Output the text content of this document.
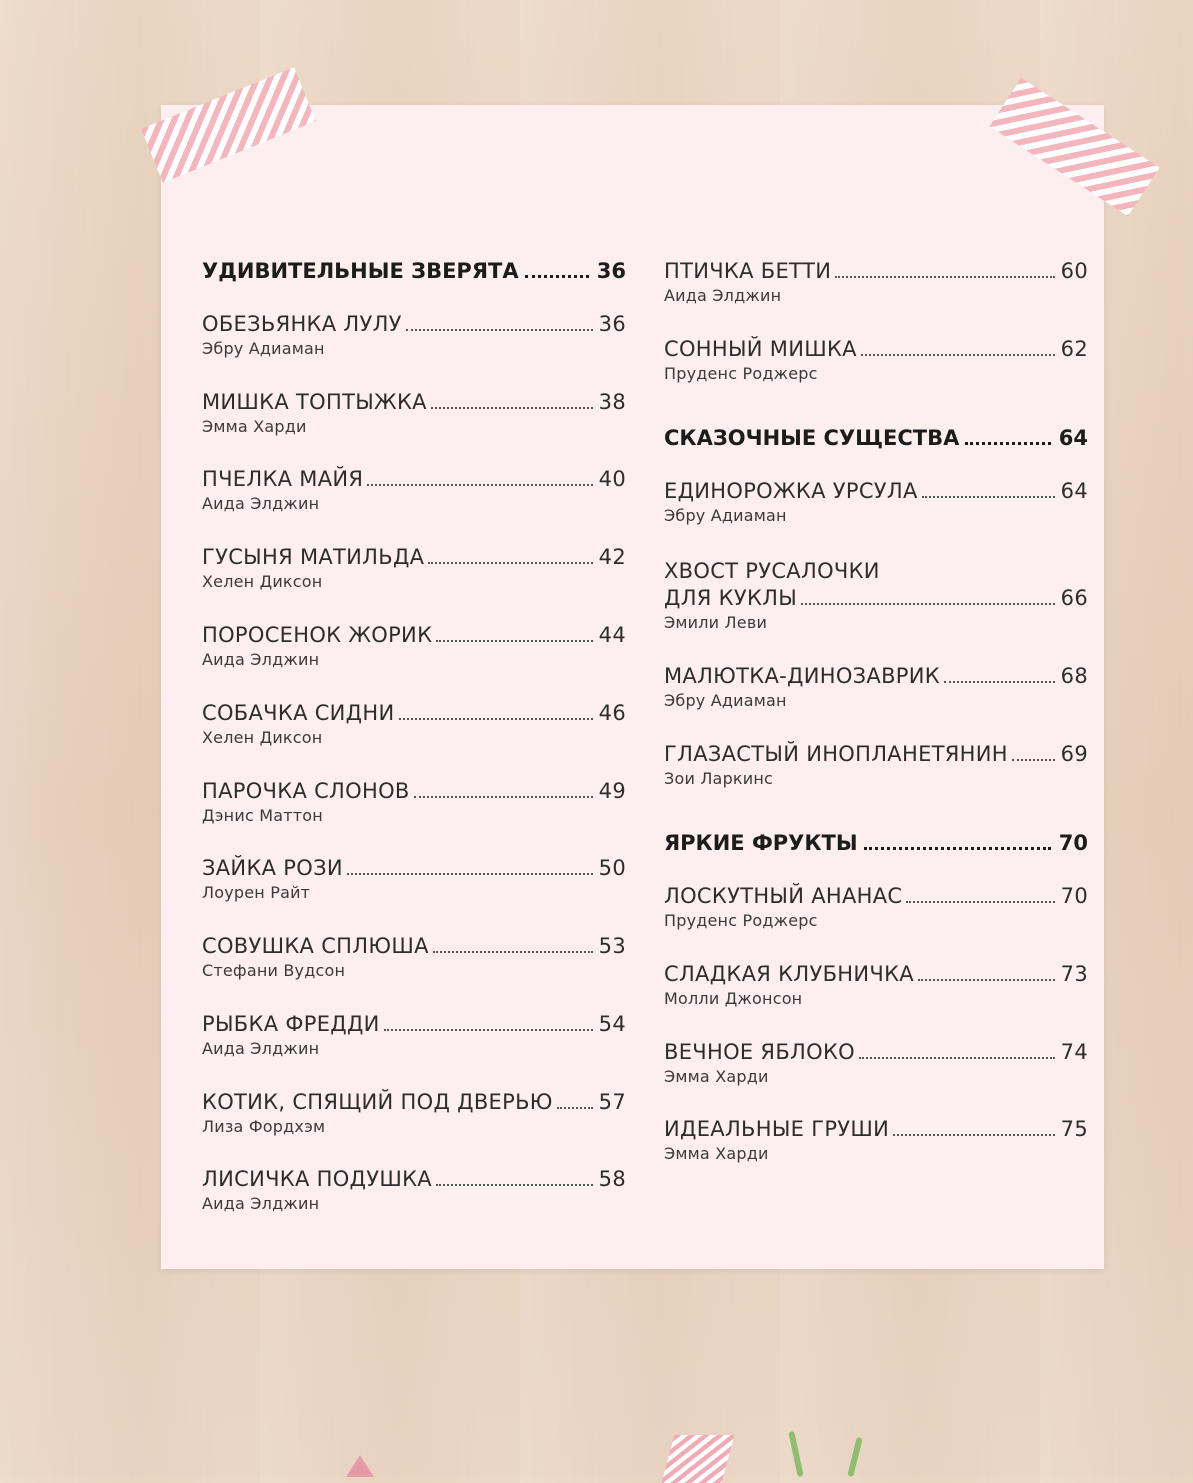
УДИВИТЕЛЬНЫЕ ЗВЕРЯТА	36
ОБЕЗЬЯНКА ЛУЛУ	36
Эбру Адиаман
МИШКА ТОПТЫЖКА	38
Эмма Харди
ПЧЕЛКА МАЙЯ	40
Аида Элджин
ГУСЫНЯ МАТИЛЬДА	42
Хелен Диксон
ПОРОСЕНОК ЖОРИК	44
Аида Элджин
СОБАЧКА СИДНИ	46
Хелен Диксон
ПАРОЧКА СЛОНОВ	49
Дэнис Маттон
ЗАЙКА РОЗИ	50
Лоурен Райт
СОВУШКА СПЛЮША	53
Стефани Вудсон
РЫБКА ФРЕДДИ	54
Аида Элджин
КОТИК, СПЯЩИЙ ПОД ДВЕРЬЮ 57
Лиза Фордхэм
ЛИСИЧКА ПОДУШКА	58
Аида Элджин
ПТИЧКА БЕТТИ	60
Аида Элджин
СОННЫЙ МИШКА	62
Пруденс Роджерс
СКАЗОЧНЫЕ СУЩЕСТВА	64
ЕДИНОРОЖКА УРСУЛА	64
Эбру Адиаман
ХВОСТ РУСАЛОЧКИ
ДЛЯ КУКЛЫ	66
Эмили Леви
МАЛЮТКА-ДИНОЗАВРИК	68
Эбру Адиаман
ГЛАЗАСТЫЙ ИНОПЛАНЕТЯНИН	69
Зои Ларкинс
ЯРКИЕ ФРУКТЫ	70
ЛОСКУТНЫЙ АНАНАС	70
Пруденс Роджерс
СЛАДКАЯ КЛУБНИЧКА	73
Молли Джонсон
ВЕЧНОЕ ЯБЛОКО	74
Эмма Харди
ИДЕАЛЬНЫЕ ГРУШИ	75
Эмма Харди
